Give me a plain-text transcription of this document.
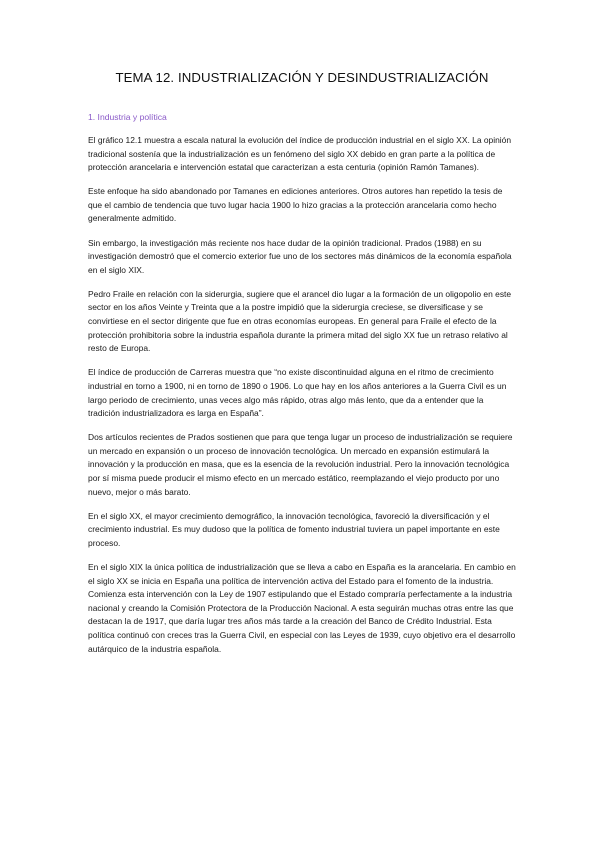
TEMA 12. INDUSTRIALIZACIÓN Y DESINDUSTRIALIZACIÓN
1. Industria y política

El gráfico 12.1 muestra a escala natural la evolución del índice de producción industrial en el siglo XX. La opinión tradicional sostenía que la industrialización es un fenómeno del siglo XX debido en gran parte a la política de protección arancelaria e intervención estatal que caracterizan a esta centuria (opinión Ramón Tamanes).

Este enfoque ha sido abandonado por Tamanes en ediciones anteriores. Otros autores han repetido la tesis de que el cambio de tendencia que tuvo lugar hacia 1900 lo hizo gracias a la protección arancelaria como hecho generalmente admitido.

Sin embargo, la investigación más reciente nos hace dudar de la opinión tradicional. Prados (1988) en su investigación demostró que el comercio exterior fue uno de los sectores más dinámicos de la economía española en el siglo XIX.

Pedro Fraile en relación con la siderurgia, sugiere que el arancel dio lugar a la formación de un oligopolio en este sector en los años Veinte y Treinta que a la postre impidió que la siderurgia creciese, se diversificase y se convirtiese en el sector dirigente que fue en otras economías europeas. En general para Fraile el efecto de la protección prohibitoria sobre la industria española durante la primera mitad del siglo XX fue un retraso relativo al resto de Europa.

El índice de producción de Carreras muestra que “no existe discontinuidad alguna en el ritmo de crecimiento industrial en torno a 1900, ni en torno de 1890 o 1906. Lo que hay en los años anteriores a la Guerra Civil es un largo periodo de crecimiento, unas veces algo más rápido, otras algo más lento, que da a entender que la tradición industrializadora es larga en España”.

Dos artículos recientes de Prados sostienen que para que tenga lugar un proceso de industrialización se requiere un mercado en expansión o un proceso de innovación tecnológica. Un mercado en expansión estimulará la innovación y la producción en masa, que es la esencia de la revolución industrial. Pero la innovación tecnológica por sí misma puede producir el mismo efecto en un mercado estático, reemplazando el viejo producto por uno nuevo, mejor o más barato.

En el siglo XX, el mayor crecimiento demográfico, la innovación tecnológica, favoreció la diversificación y el crecimiento industrial. Es muy dudoso que la política de fomento industrial tuviera un papel importante en este proceso.

En el siglo XIX la única política de industrialización que se lleva a cabo en España es la arancelaria. En cambio en el siglo XX se inicia en España una política de intervención activa del Estado para el fomento de la industria. Comienza esta intervención con la Ley de 1907 estipulando que el Estado compraría perfectamente a la industria nacional y creando la Comisión Protectora de la Producción Nacional. A esta seguirán muchas otras entre las que destacan la de 1917, que daría lugar tres años más tarde a la creación del Banco de Crédito Industrial. Esta política continuó con creces tras la Guerra Civil, en especial con las Leyes de 1939, cuyo objetivo era el desarrollo autárquico de la industria española.
